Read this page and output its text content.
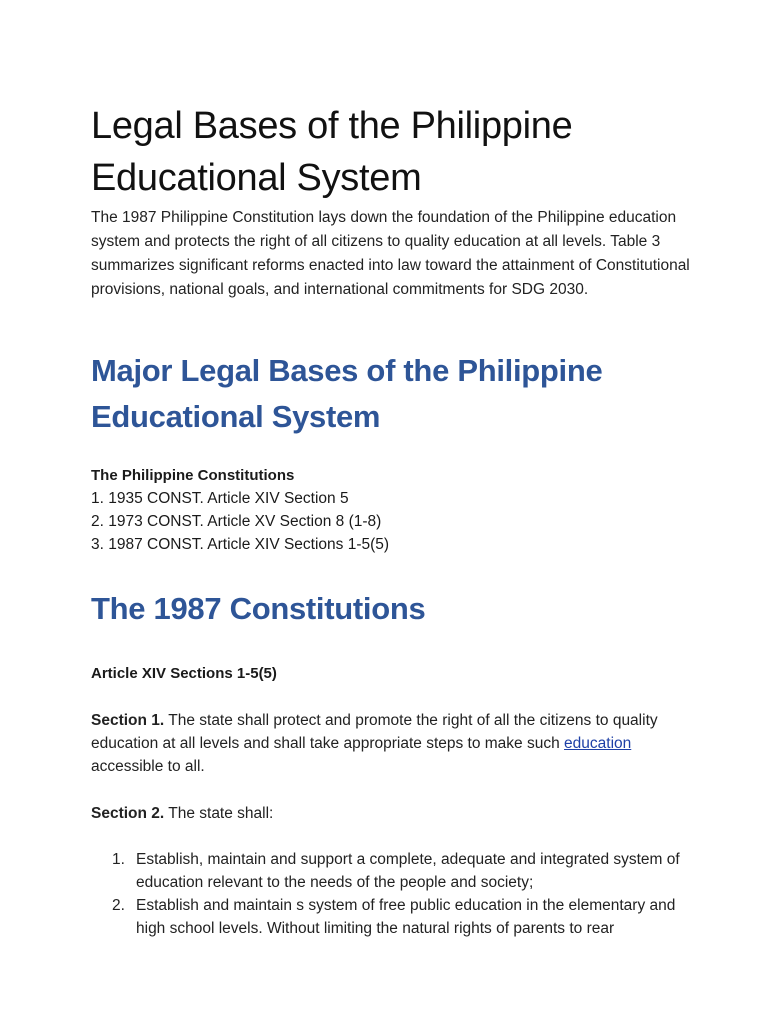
Legal Bases of the Philippine Educational System

The 1987 Philippine Constitution lays down the foundation of the Philippine education system and protects the right of all citizens to quality education at all levels. Table 3 summarizes significant reforms enacted into law toward the attainment of Constitutional provisions, national goals, and international commitments for SDG 2030.

Major Legal Bases of the Philippine Educational System
The Philippine Constitutions
1. 1935 CONST. Article XIV Section 5
2. 1973 CONST. Article XV Section 8 (1-8)
3. 1987 CONST. Article XIV Sections 1-5(5)
The 1987 Constitutions
Article XIV Sections 1-5(5)

Section 1. The state shall protect and promote the right of all the citizens to quality education at all levels and shall take appropriate steps to make such education accessible to all.

Section 2. The state shall:

1. Establish, maintain and support a complete, adequate and integrated system of education relevant to the needs of the people and society;
2. Establish and maintain s system of free public education in the elementary and high school levels. Without limiting the natural rights of parents to rear
